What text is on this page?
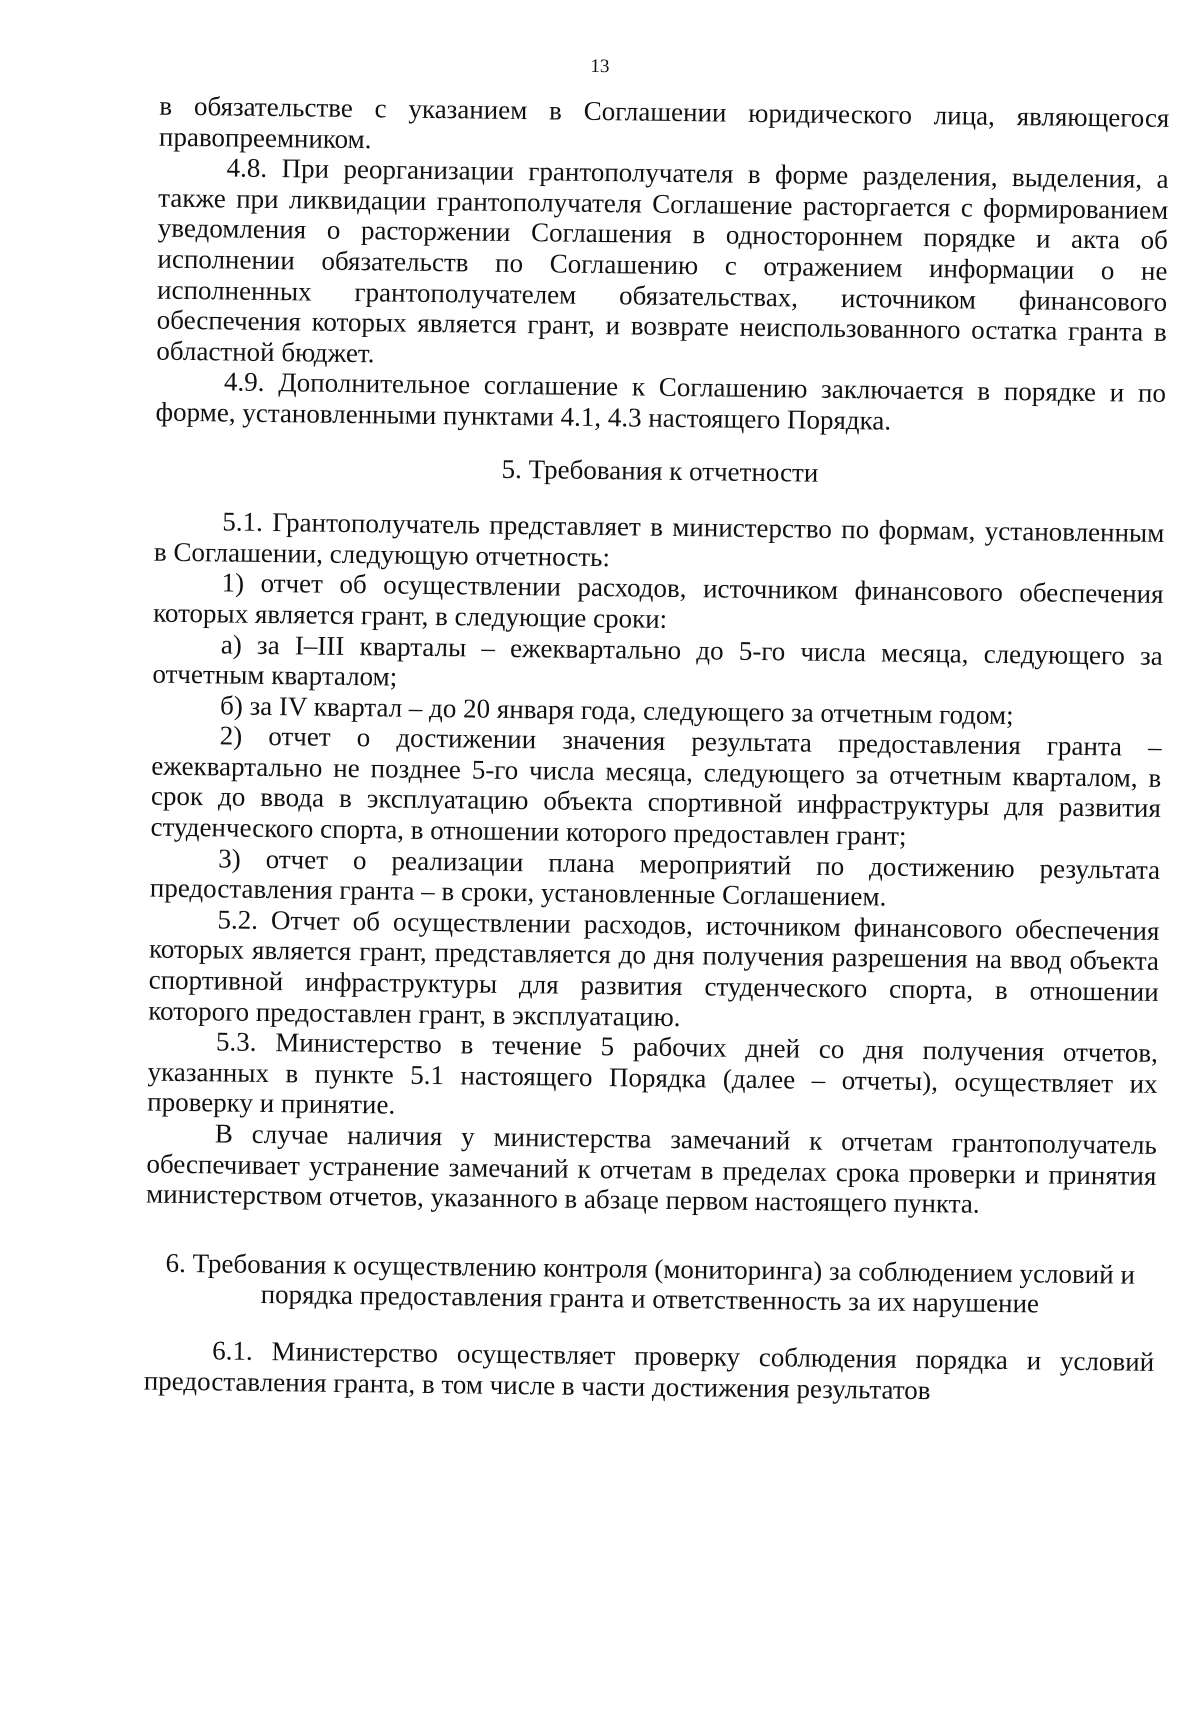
13

в обязательстве с указанием в Соглашении юридического лица, являющегося правопреемником.

4.8. При реорганизации грантополучателя в форме разделения, выделения, а также при ликвидации грантополучателя Соглашение расторгается с формированием уведомления о расторжении Соглашения в одностороннем порядке и акта об исполнении обязательств по Соглашению с отражением информации о не исполненных грантополучателем обязательствах, источником финансового обеспечения которых является грант, и возврате неиспользованного остатка гранта в областной бюджет.

4.9. Дополнительное соглашение к Соглашению заключается в порядке и по форме, установленными пунктами 4.1, 4.3 настоящего Порядка.

5. Требования к отчетности

5.1. Грантополучатель представляет в министерство по формам, установленным в Соглашении, следующую отчетность:

1) отчет об осуществлении расходов, источником финансового обеспечения которых является грант, в следующие сроки:

а) за I–III кварталы – ежеквартально до 5-го числа месяца, следующего за отчетным кварталом;

б) за IV квартал – до 20 января года, следующего за отчетным годом;

2) отчет о достижении значения результата предоставления гранта – ежеквартально не позднее 5-го числа месяца, следующего за отчетным кварталом, в срок до ввода в эксплуатацию объекта спортивной инфраструктуры для развития студенческого спорта, в отношении которого предоставлен грант;

3) отчет о реализации плана мероприятий по достижению результата предоставления гранта – в сроки, установленные Соглашением.

5.2. Отчет об осуществлении расходов, источником финансового обеспечения которых является грант, представляется до дня получения разрешения на ввод объекта спортивной инфраструктуры для развития студенческого спорта, в отношении которого предоставлен грант, в эксплуатацию.

5.3. Министерство в течение 5 рабочих дней со дня получения отчетов, указанных в пункте 5.1 настоящего Порядка (далее – отчеты), осуществляет их проверку и принятие.

В случае наличия у министерства замечаний к отчетам грантополучатель обеспечивает устранение замечаний к отчетам в пределах срока проверки и принятия министерством отчетов, указанного в абзаце первом настоящего пункта.

6. Требования к осуществлению контроля (мониторинга) за соблюдением условий и порядка предоставления гранта и ответственность за их нарушение

6.1. Министерство осуществляет проверку соблюдения порядка и условий предоставления гранта, в том числе в части достижения результатов
